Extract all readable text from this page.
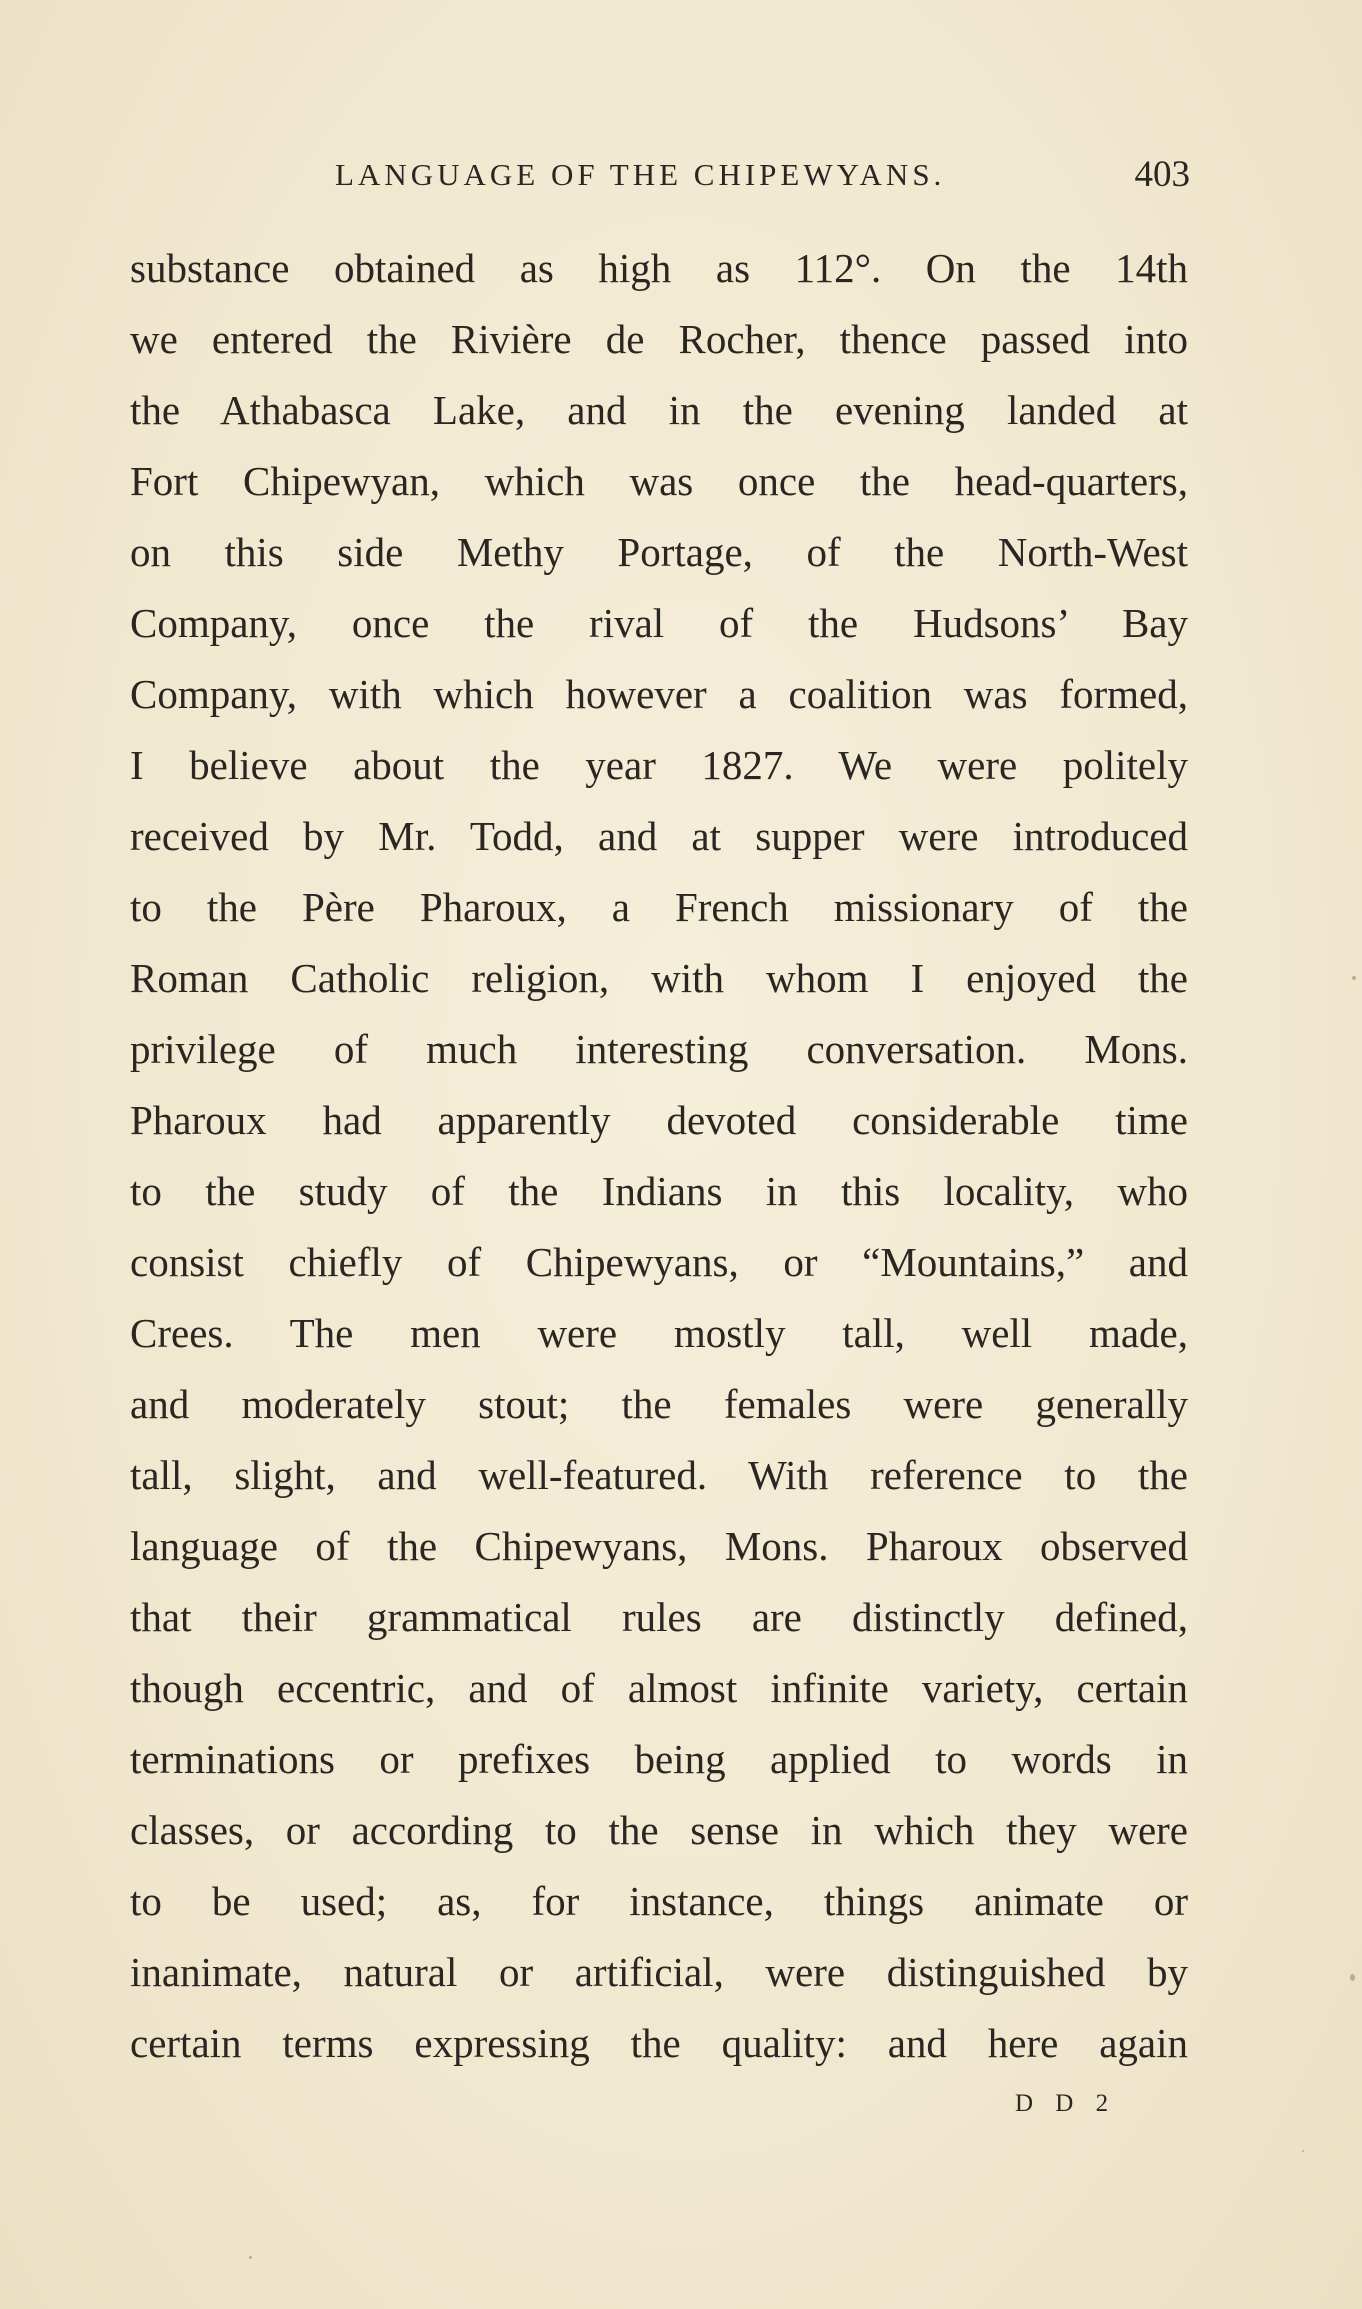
LANGUAGE OF THE CHIPEWYANS.	403
substance obtained as high as 112°. On the 14th
we entered the Rivière de Rocher, thence passed into
the Athabasca Lake, and in the evening landed at
Fort Chipewyan, which was once the head-quarters,
on this side Methy Portage, of the North-West
Company, once the rival of the Hudsons’ Bay
Company, with which however a coalition was formed,
I believe about the year 1827. We were politely
received by Mr. Todd, and at supper were introduced
to the Père Pharoux, a French missionary of the
Roman Catholic religion, with whom I enjoyed the
privilege of much interesting conversation. Mons.
Pharoux had apparently devoted considerable time
to the study of the Indians in this locality, who
consist chiefly of Chipewyans, or “Mountains,” and
Crees. The men were mostly tall, well made,
and moderately stout; the females were generally
tall, slight, and well-featured. With reference to the
language of the Chipewyans, Mons. Pharoux observed
that their grammatical rules are distinctly defined,
though eccentric, and of almost infinite variety, certain
terminations or prefixes being applied to words in
classes, or according to the sense in which they were
to be used; as, for instance, things animate or
inanimate, natural or artificial, were distinguished by
certain terms expressing the quality: and here again
D D 2
